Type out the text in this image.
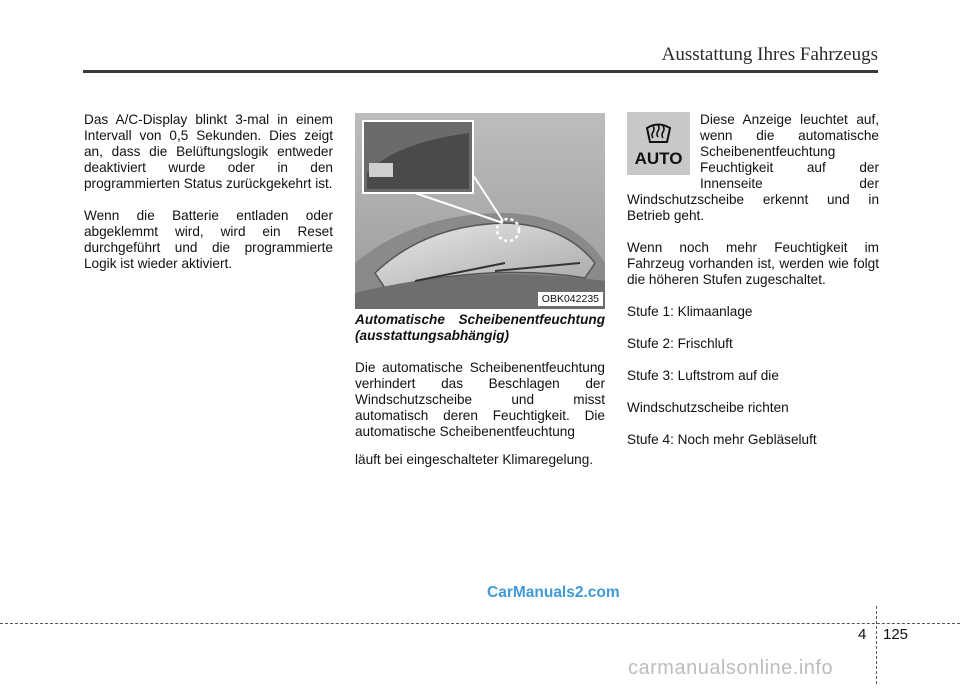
Ausstattung Ihres Fahrzeugs

Das A/C-Display blinkt 3-mal in einem Intervall von 0,5 Sekunden. Dies zeigt an, dass die Belüftungslogik entweder deaktiviert wurde oder in den programmierten Status zurückgekehrt ist.

Wenn die Batterie entladen oder abgeklemmt wird, wird ein Reset durchgeführt und die programmierte Logik ist wieder aktiviert.

OBK042235

Automatische Scheibenentfeuchtung (ausstattungsabhängig)

Die automatische Scheibenentfeuchtung verhindert das Beschlagen der Windschutzscheibe und misst automatisch deren Feuchtigkeit. Die automatische Scheibenentfeuchtung

läuft bei eingeschalteter Klimaregelung.

AUTO

Diese Anzeige leuchtet auf, wenn die automatische Scheibenentfeuchtung Feuchtigkeit auf der Innenseite der Windschutzscheibe erkennt und in Betrieb geht.

Wenn noch mehr Feuchtigkeit im Fahrzeug vorhanden ist, werden wie folgt die höheren Stufen zugeschaltet.

Stufe 1: Klimaanlage

Stufe 2: Frischluft

Stufe 3: Luftstrom auf die

Windschutzscheibe richten

Stufe 4: Noch mehr Gebläseluft

CarManuals2.com
4 125
carmanualsonline.info
